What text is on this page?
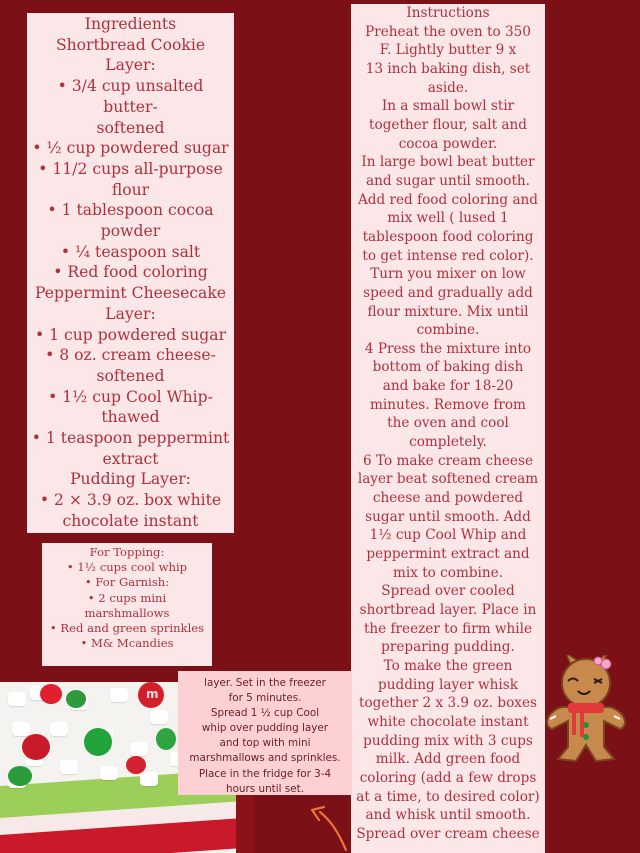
Ingredients
Shortbread Cookie Layer:
• 3/4 cup unsalted butter-
softened
• ½ cup powdered sugar
• 11/2 cups all-purpose
flour
• 1 tablespoon cocoa
powder
• ¼ teaspoon salt
• Red food coloring
Peppermint Cheesecake
Layer:
• 1 cup powdered sugar
• 8 oz. cream cheese-
softened
• 1½ cup Cool Whip-
thawed
• 1 teaspoon peppermint
extract
Pudding Layer:
• 2 × 3.9 oz. box white
chocolate instant
For Topping:
• 1½ cups cool whip
• For Garnish:
• 2 cups mini
marshmallows
• Red and green sprinkles
• M& Mcandies
Instructions
Preheat the oven to 350
F. Lightly butter 9 x
13 inch baking dish, set
aside.
In a small bowl stir
together flour, salt and
cocoa powder.
In large bowl beat butter
and sugar until smooth.
Add red food coloring and
mix well ( lused 1
tablespoon food coloring
to get intense red color).
Turn you mixer on low
speed and gradually add
flour mixture. Mix until
combine.
4 Press the mixture into
bottom of baking dish
and bake for 18-20
minutes. Remove from
the oven and cool
completely.
6 To make cream cheese
layer beat softened cream
cheese and powdered
sugar until smooth. Add
1½ cup Cool Whip and
peppermint extract and
mix to combine.
Spread over cooled
shortbread layer. Place in
the freezer to firm while
preparing pudding.
To make the green
pudding layer whisk
together 2 x 3.9 oz. boxes
white chocolate instant
pudding mix with 3 cups
milk. Add green food
coloring (add a few drops
at a time, to desired color)
and whisk until smooth.
Spread over cream cheese
m
layer. Set in the freezer
for 5 minutes.
Spread 1 ½ cup Cool
whip over pudding layer
and top with mini
marshmallows and sprinkles.
Place in the fridge for 3-4
hours until set.
